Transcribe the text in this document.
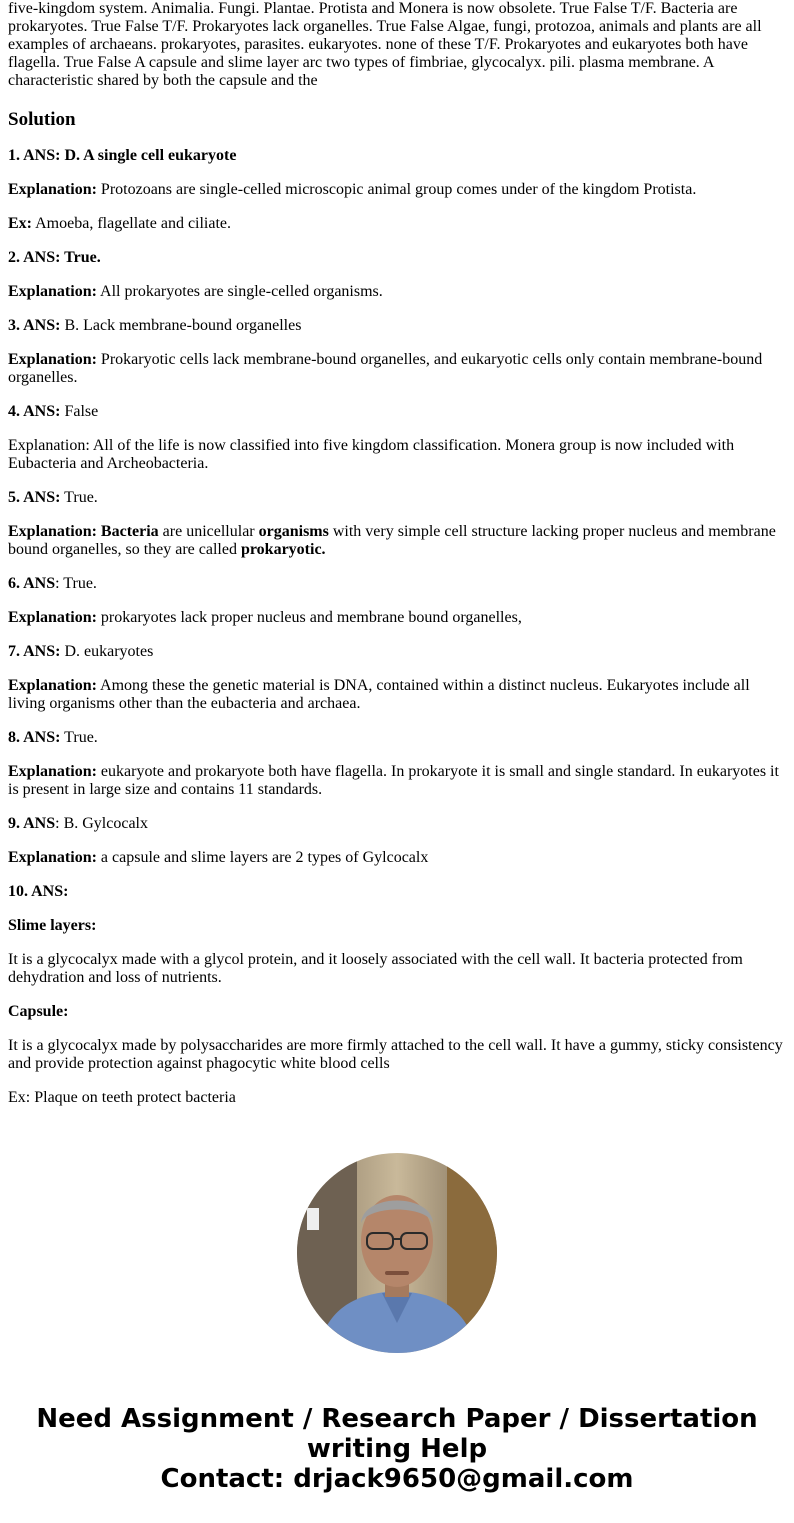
five-kingdom system. Animalia. Fungi. Plantae. Protista and Monera is now obsolete. True False T/F. Bacteria are prokaryotes. True False T/F. Prokaryotes lack organelles. True False Algae, fungi, protozoa, animals and plants are all examples of archaeans. prokaryotes, parasites. eukaryotes. none of these T/F. Prokaryotes and eukaryotes both have flagella. True False A capsule and slime layer arc two types of fimbriae, glycocalyx. pili. plasma membrane. A characteristic shared by both the capsule and the

Solution

1. ANS: D. A single cell eukaryote

Explanation: Protozoans are single-celled microscopic animal group comes under of the kingdom Protista.

Ex: Amoeba, flagellate and ciliate.

2. ANS: True.

Explanation: All prokaryotes are single-celled organisms.

3. ANS: B. Lack membrane-bound organelles

Explanation: Prokaryotic cells lack membrane-bound organelles, and eukaryotic cells only contain membrane-bound organelles.

4. ANS: False

Explanation: All of the life is now classified into five kingdom classification. Monera group is now included with Eubacteria and Archeobacteria.

5. ANS: True.

Explanation: Bacteria are unicellular organisms with very simple cell structure lacking proper nucleus and membrane bound organelles, so they are called prokaryotic.

6. ANS: True.

Explanation: prokaryotes lack proper nucleus and membrane bound organelles,

7. ANS: D. eukaryotes

Explanation: Among these the genetic material is DNA, contained within a distinct nucleus. Eukaryotes include all living organisms other than the eubacteria and archaea.

8. ANS: True.

Explanation: eukaryote and prokaryote both have flagella. In prokaryote it is small and single standard. In eukaryotes it is present in large size and contains 11 standards.

9. ANS: B. Gylcocalx

Explanation: a capsule and slime layers are 2 types of Gylcocalx

10. ANS:

Slime layers:

It is a glycocalyx made with a glycol protein, and it loosely associated with the cell wall. It bacteria protected from dehydration and loss of nutrients.

Capsule:

It is a glycocalyx made by polysaccharides are more firmly attached to the cell wall. It have a gummy, sticky consistency and provide protection against phagocytic white blood cells

Ex: Plaque on teeth protect bacteria

Need Assignment / Research Paper / Dissertation
writing Help
Contact: drjack9650@gmail.com
